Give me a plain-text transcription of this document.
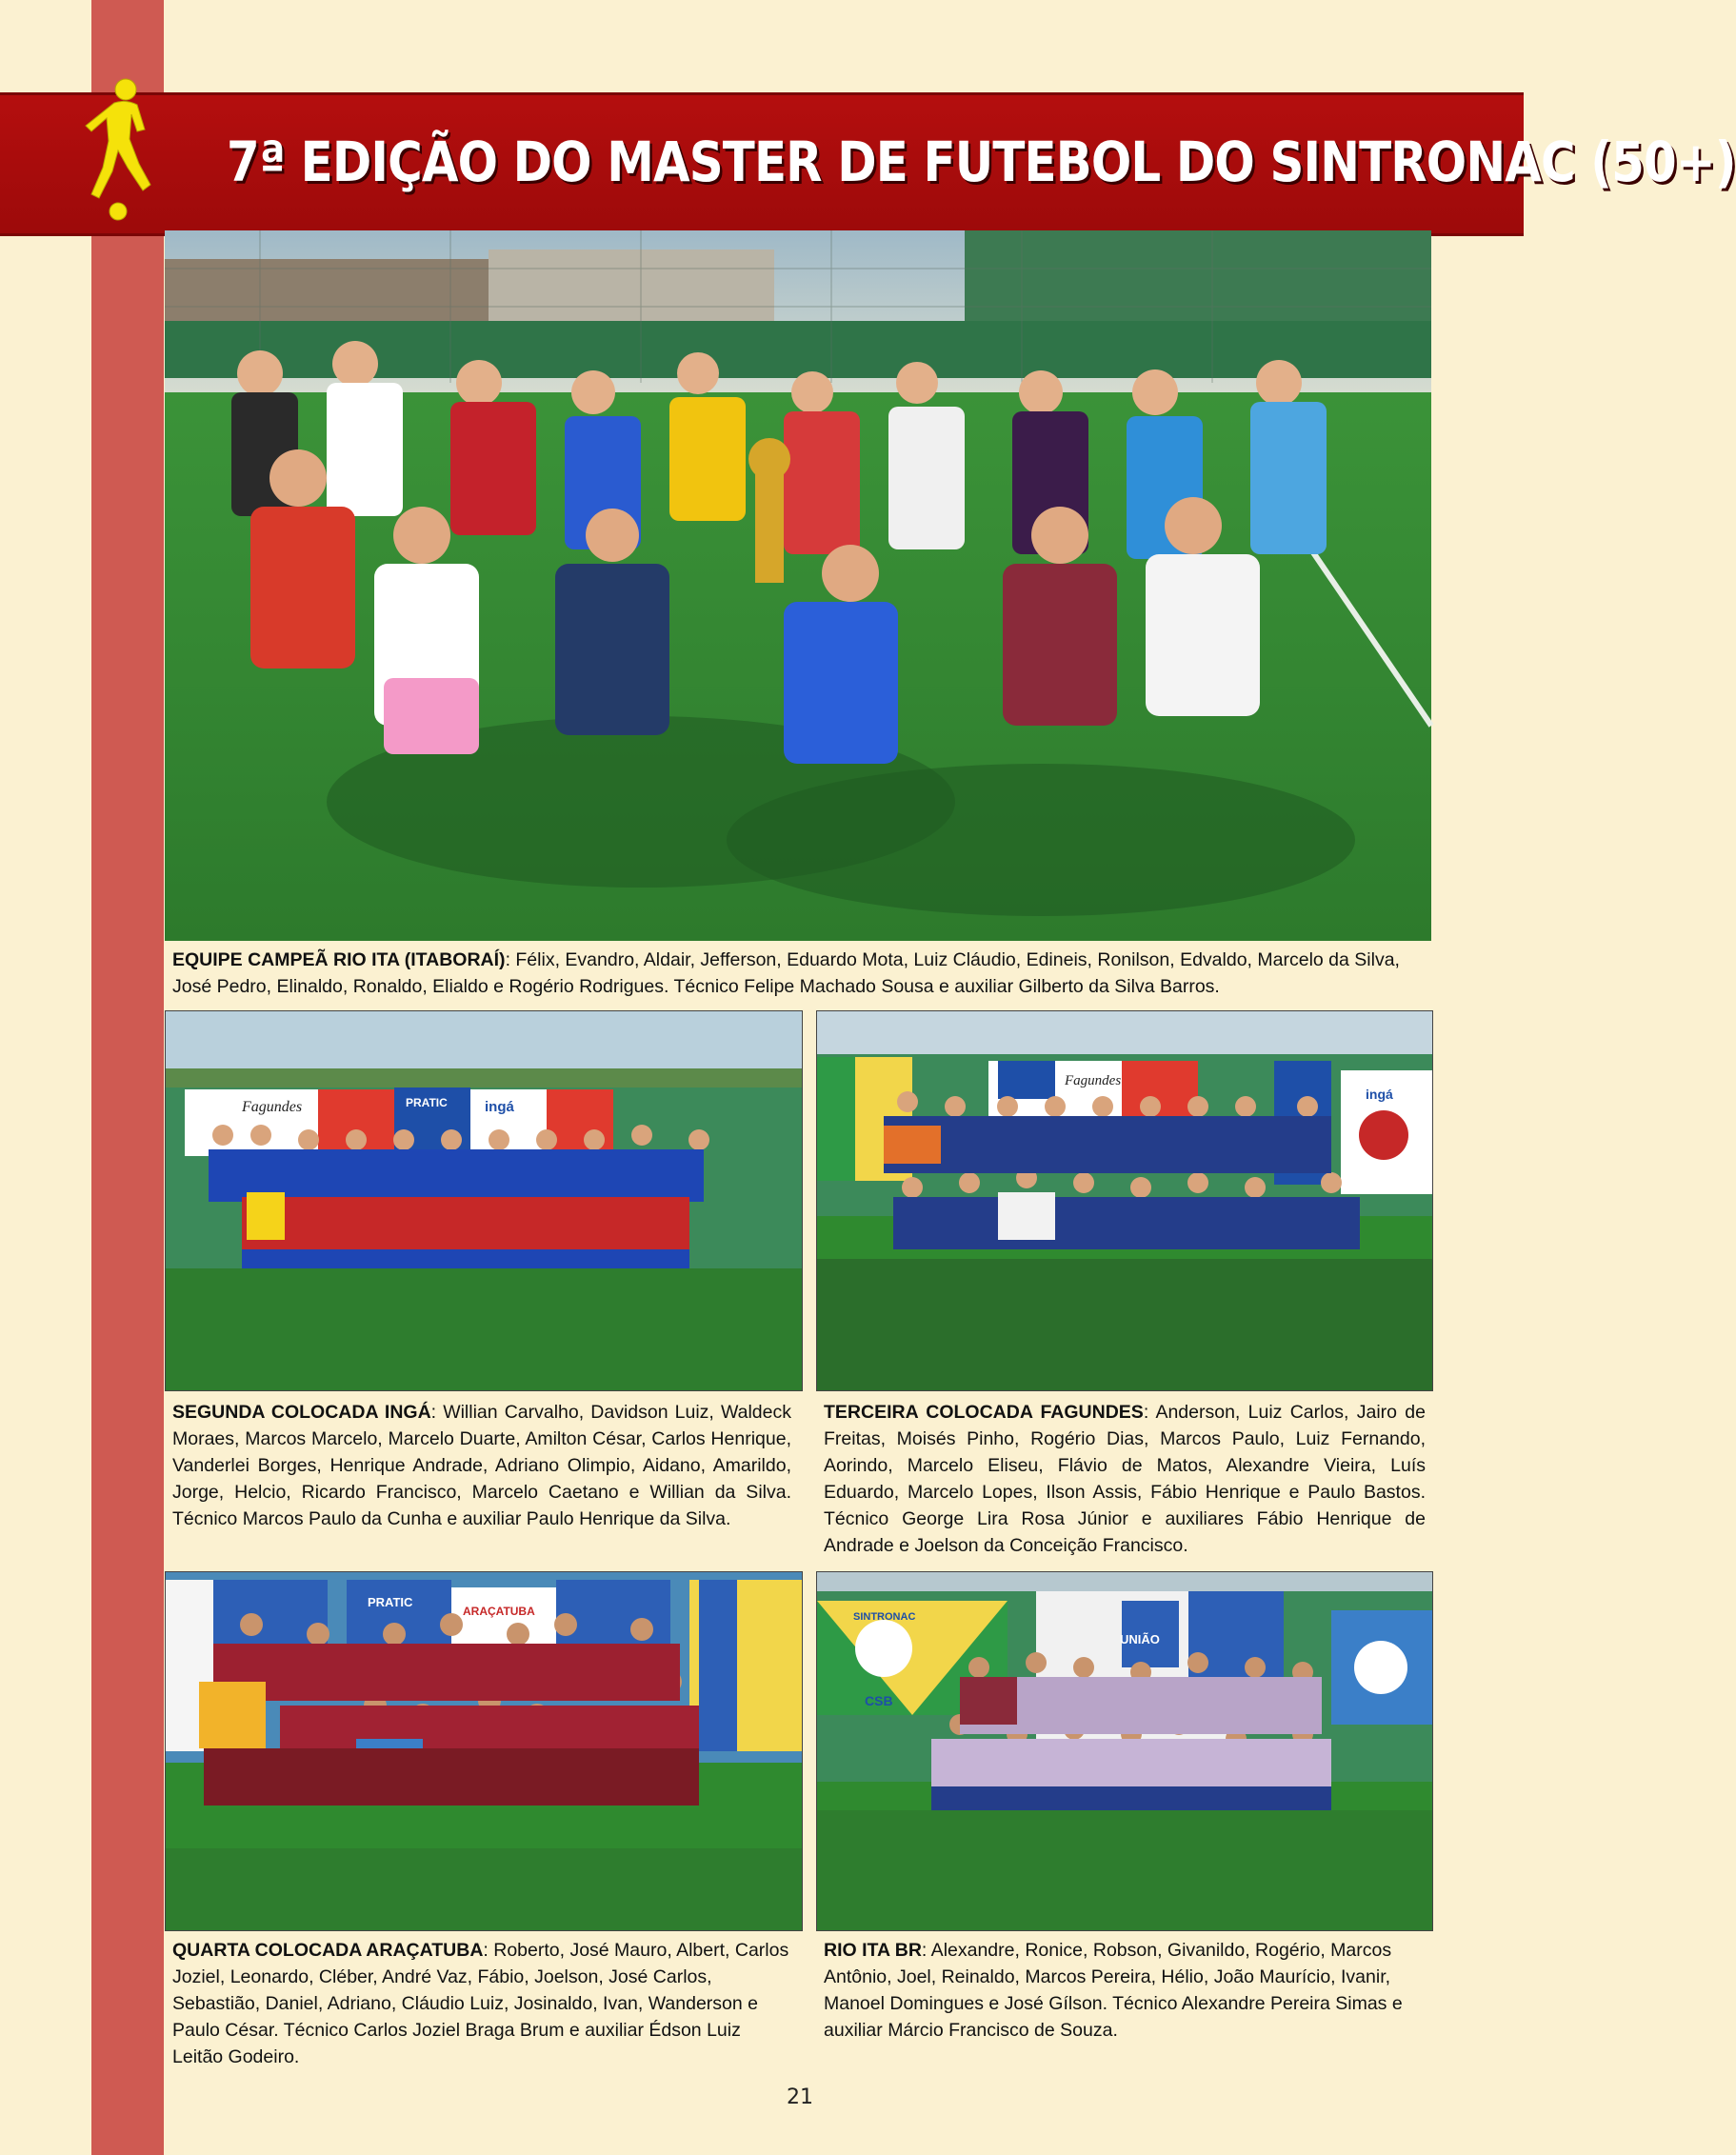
7ª EDIÇÃO DO MASTER DE FUTEBOL DO SINTRONAC (50+)
EQUIPE CAMPEÃ RIO ITA (ITABORAÍ): Félix, Evandro, Aldair, Jefferson, Eduardo Mota, Luiz Cláudio, Edineis, Ronilson, Edvaldo, Marcelo da Silva, José Pedro, Elinaldo, Ronaldo, Elialdo e Rogério Rodrigues. Técnico Felipe Machado Sousa e auxiliar Gilberto da Silva Barros.
Fagundes	ingá
PRATIC
SEGUNDA COLOCADA INGÁ: Willian Carvalho, Davidson Luiz, Waldeck Moraes, Marcos Marcelo, Marcelo Duarte, Amilton César, Carlos Henrique, Vanderlei Borges, Henrique Andrade, Adriano Olimpio, Aidano, Amarildo, Jorge, Helcio, Ricardo Francisco, Marcelo Caetano e Willian da Silva. Técnico Marcos Paulo da Cunha e auxiliar Paulo Henrique da Silva.
Fagundes
ingá
TERCEIRA COLOCADA FAGUNDES: Anderson, Luiz Carlos, Jairo de Freitas, Moisés Pinho, Rogério Dias, Marcos Paulo, Luiz Fernando, Aorindo, Marcelo Eliseu, Flávio de Matos, Alexandre Vieira, Luís Eduardo, Marcelo Lopes, Ilson Assis, Fábio Henrique e Paulo Bastos. Técnico George Lira Rosa Júnior e auxiliares Fábio Henrique de Andrade e Joelson da Conceição Francisco.
ARAÇATUBA
PRATIC
QUARTA COLOCADA ARAÇATUBA: Roberto, José Mauro, Albert, Carlos Joziel, Leonardo, Cléber, André Vaz, Fábio, Joelson, José Carlos, Sebastião, Daniel, Adriano, Cláudio Luiz, Josinaldo, Ivan, Wanderson e Paulo César. Técnico Carlos Joziel Braga Brum e auxiliar Édson Luiz Leitão Godeiro.
SINTRONAC
UNIÃO
CSB
RIO ITA BR: Alexandre, Ronice, Robson, Givanildo, Rogério, Marcos Antônio, Joel, Reinaldo, Marcos Pereira, Hélio, João Maurício, Ivanir, Manoel Domingues e José Gílson. Técnico Alexandre Pereira Simas e auxiliar Márcio Francisco de Souza.
21
